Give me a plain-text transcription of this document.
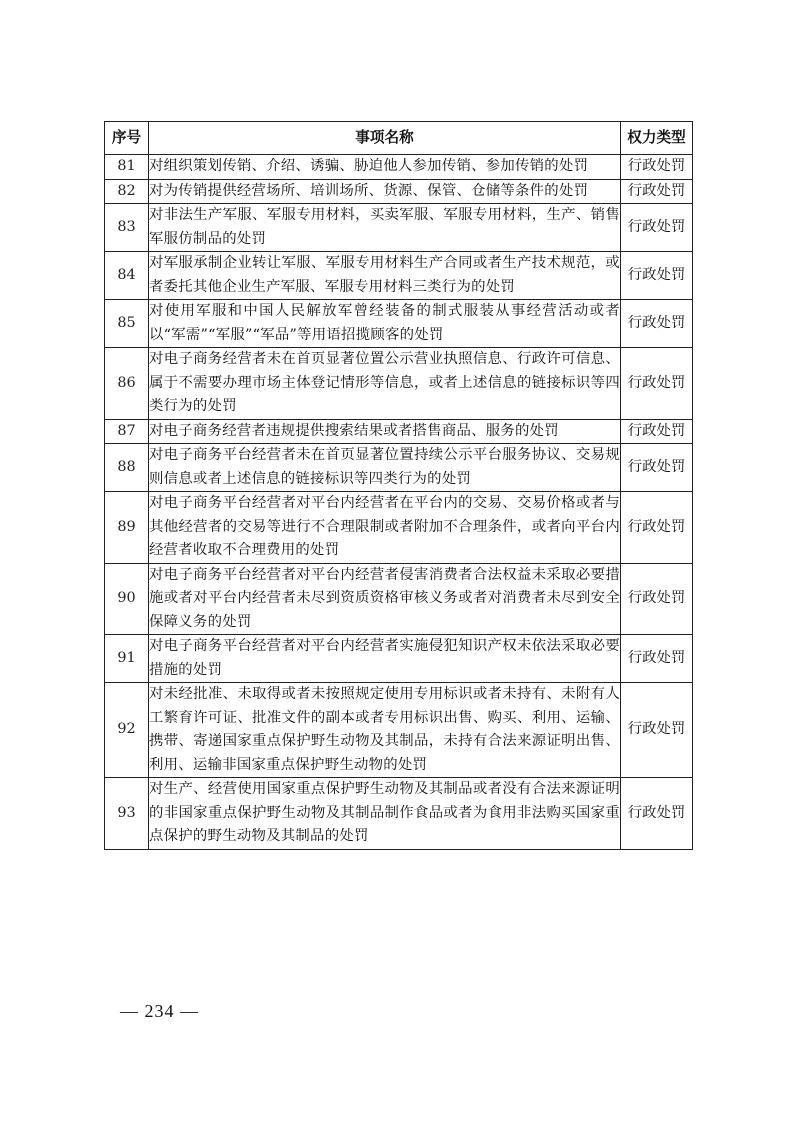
序号	事项名称	权力类型
81	对组织策划传销、介绍、诱骗、胁迫他人参加传销、参加传销的处罚	行政处罚
82	对为传销提供经营场所、培训场所、货源、保管、仓储等条件的处罚	行政处罚
83	对非法生产军服、军服专用材料，买卖军服、军服专用材料，生产、销售军服仿制品的处罚	行政处罚
84	对军服承制企业转让军服、军服专用材料生产合同或者生产技术规范，或者委托其他企业生产军服、军服专用材料三类行为的处罚	行政处罚
85	对使用军服和中国人民解放军曾经装备的制式服装从事经营活动或者以“军需”“军服”“军品”等用语招揽顾客的处罚	行政处罚
86	对电子商务经营者未在首页显著位置公示营业执照信息、行政许可信息、属于不需要办理市场主体登记情形等信息，或者上述信息的链接标识等四类行为的处罚	行政处罚
87	对电子商务经营者违规提供搜索结果或者搭售商品、服务的处罚	行政处罚
88	对电子商务平台经营者未在首页显著位置持续公示平台服务协议、交易规则信息或者上述信息的链接标识等四类行为的处罚	行政处罚
89	对电子商务平台经营者对平台内经营者在平台内的交易、交易价格或者与其他经营者的交易等进行不合理限制或者附加不合理条件，或者向平台内经营者收取不合理费用的处罚	行政处罚
90	对电子商务平台经营者对平台内经营者侵害消费者合法权益未采取必要措施或者对平台内经营者未尽到资质资格审核义务或者对消费者未尽到安全保障义务的处罚	行政处罚
91	对电子商务平台经营者对平台内经营者实施侵犯知识产权未依法采取必要措施的处罚	行政处罚
92	对未经批准、未取得或者未按照规定使用专用标识或者未持有、未附有人工繁育许可证、批准文件的副本或者专用标识出售、购买、利用、运输、携带、寄递国家重点保护野生动物及其制品，未持有合法来源证明出售、利用、运输非国家重点保护野生动物的处罚	行政处罚
93	对生产、经营使用国家重点保护野生动物及其制品或者没有合法来源证明的非国家重点保护野生动物及其制品制作食品或者为食用非法购买国家重点保护的野生动物及其制品的处罚	行政处罚
— 234 —
